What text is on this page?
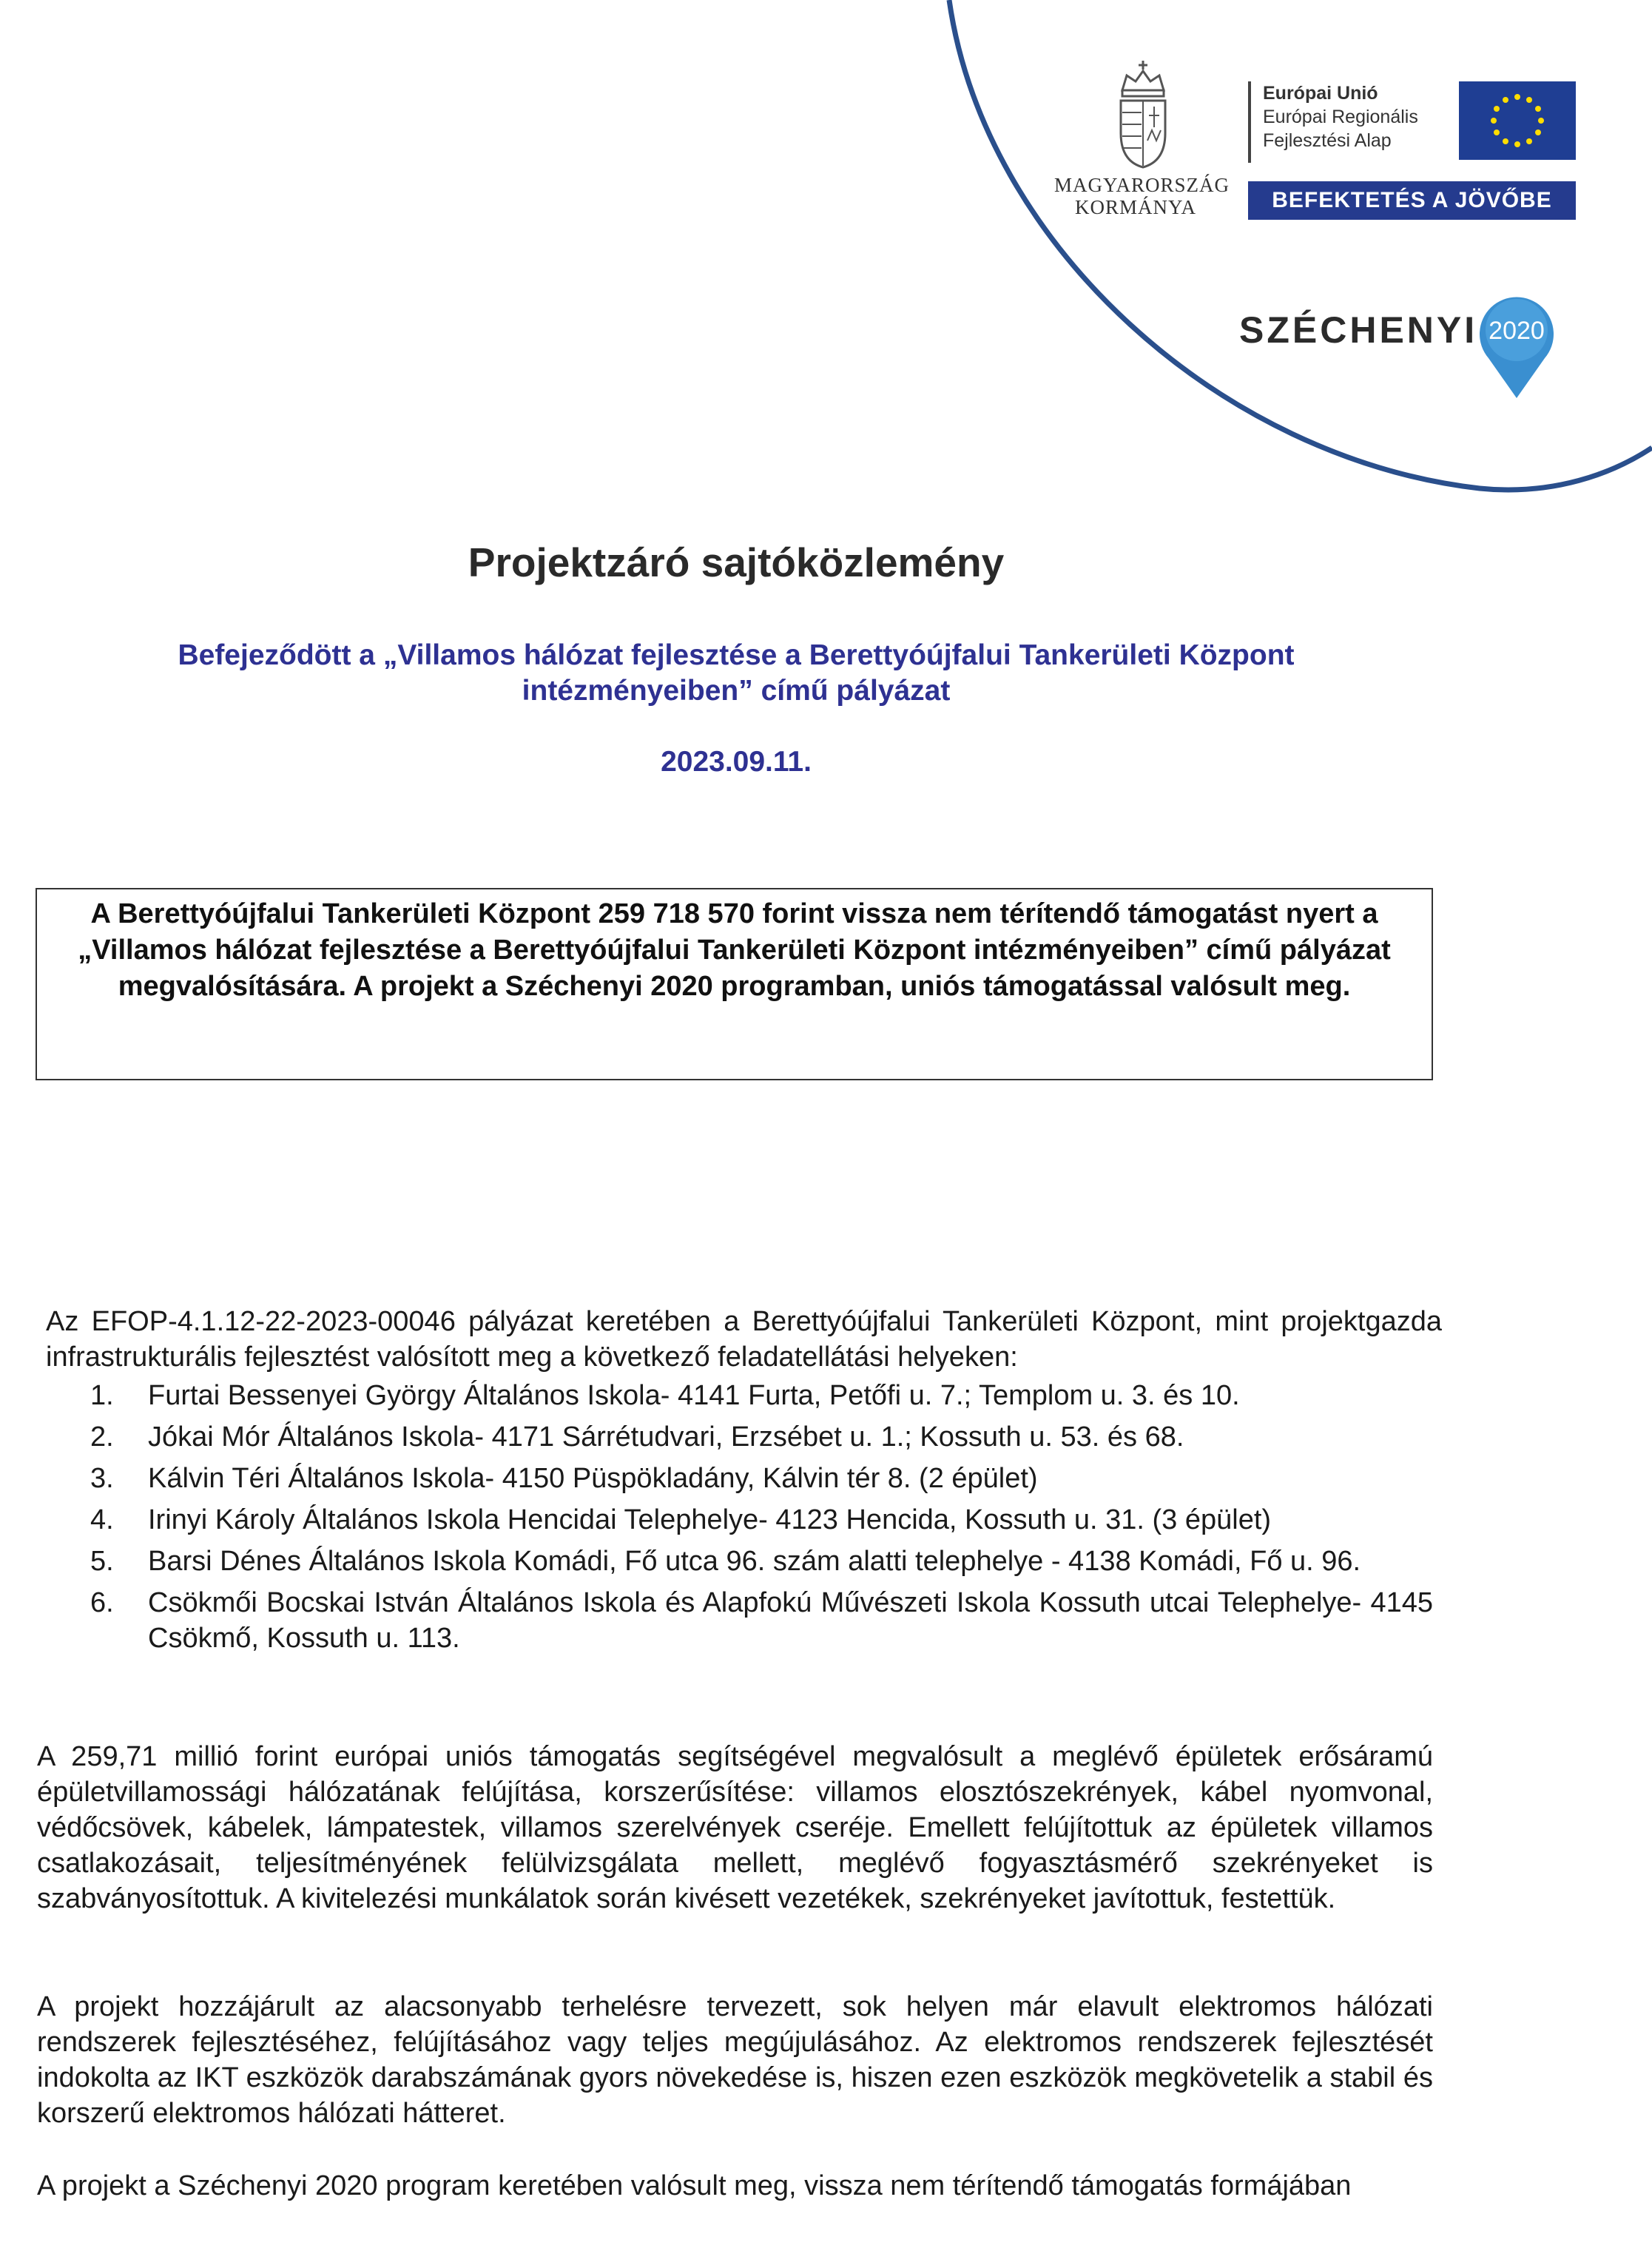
MAGYARORSZÁG
KORMÁNYA
Európai Unió
Európai Regionális
Fejlesztési Alap
BEFEKTETÉS A JÖVŐBE
SZÉCHENYI 2020
Projektzáró sajtóközlemény
Befejeződött a „Villamos hálózat fejlesztése a Berettyóújfalui Tankerületi Központ
intézményeiben” című pályázat
2023.09.11.
A Berettyóújfalui Tankerületi Központ 259 718 570 forint vissza nem térítendő támogatást nyert a „Villamos hálózat fejlesztése a Berettyóújfalui Tankerületi Központ intézményeiben” című pályázat megvalósítására. A projekt a Széchenyi 2020 programban, uniós támogatással valósult meg.

Az EFOP-4.1.12-22-2023-00046 pályázat keretében a Berettyóújfalui Tankerületi Központ, mint projektgazda infrastrukturális fejlesztést valósított meg a következő feladatellátási helyeken:

1. Furtai Bessenyei György Általános Iskola- 4141 Furta, Petőfi u. 7.; Templom u. 3. és 10.
2. Jókai Mór Általános Iskola- 4171 Sárrétudvari, Erzsébet u. 1.; Kossuth u. 53. és 68.
3. Kálvin Téri Általános Iskola- 4150 Püspökladány, Kálvin tér 8. (2 épület)
4. Irinyi Károly Általános Iskola Hencidai Telephelye- 4123 Hencida, Kossuth u. 31. (3 épület)
5. Barsi Dénes Általános Iskola Komádi, Fő utca 96. szám alatti telephelye - 4138 Komádi, Fő u. 96.
6. Csökmői Bocskai István Általános Iskola és Alapfokú Művészeti Iskola Kossuth utcai Telephelye- 4145 Csökmő, Kossuth u. 113.

A 259,71 millió forint európai uniós támogatás segítségével megvalósult a meglévő épületek erősáramú épületvillamossági hálózatának felújítása, korszerűsítése: villamos elosztószekrények, kábel nyomvonal, védőcsövek, kábelek, lámpatestek, villamos szerelvények cseréje. Emellett felújítottuk az épületek villamos csatlakozásait, teljesítményének felülvizsgálata mellett, meglévő fogyasztásmérő szekrényeket is szabványosítottuk. A kivitelezési munkálatok során kivésett vezetékek, szekrényeket javítottuk, festettük.

A projekt hozzájárult az alacsonyabb terhelésre tervezett, sok helyen már elavult elektromos hálózati rendszerek fejlesztéséhez, felújításához vagy teljes megújulásához. Az elektromos rendszerek fejlesztését indokolta az IKT eszközök darabszámának gyors növekedése is, hiszen ezen eszközök megkövetelik a stabil és korszerű elektromos hálózati hátteret.

A projekt a Széchenyi 2020 program keretében valósult meg, vissza nem térítendő támogatás formájában
